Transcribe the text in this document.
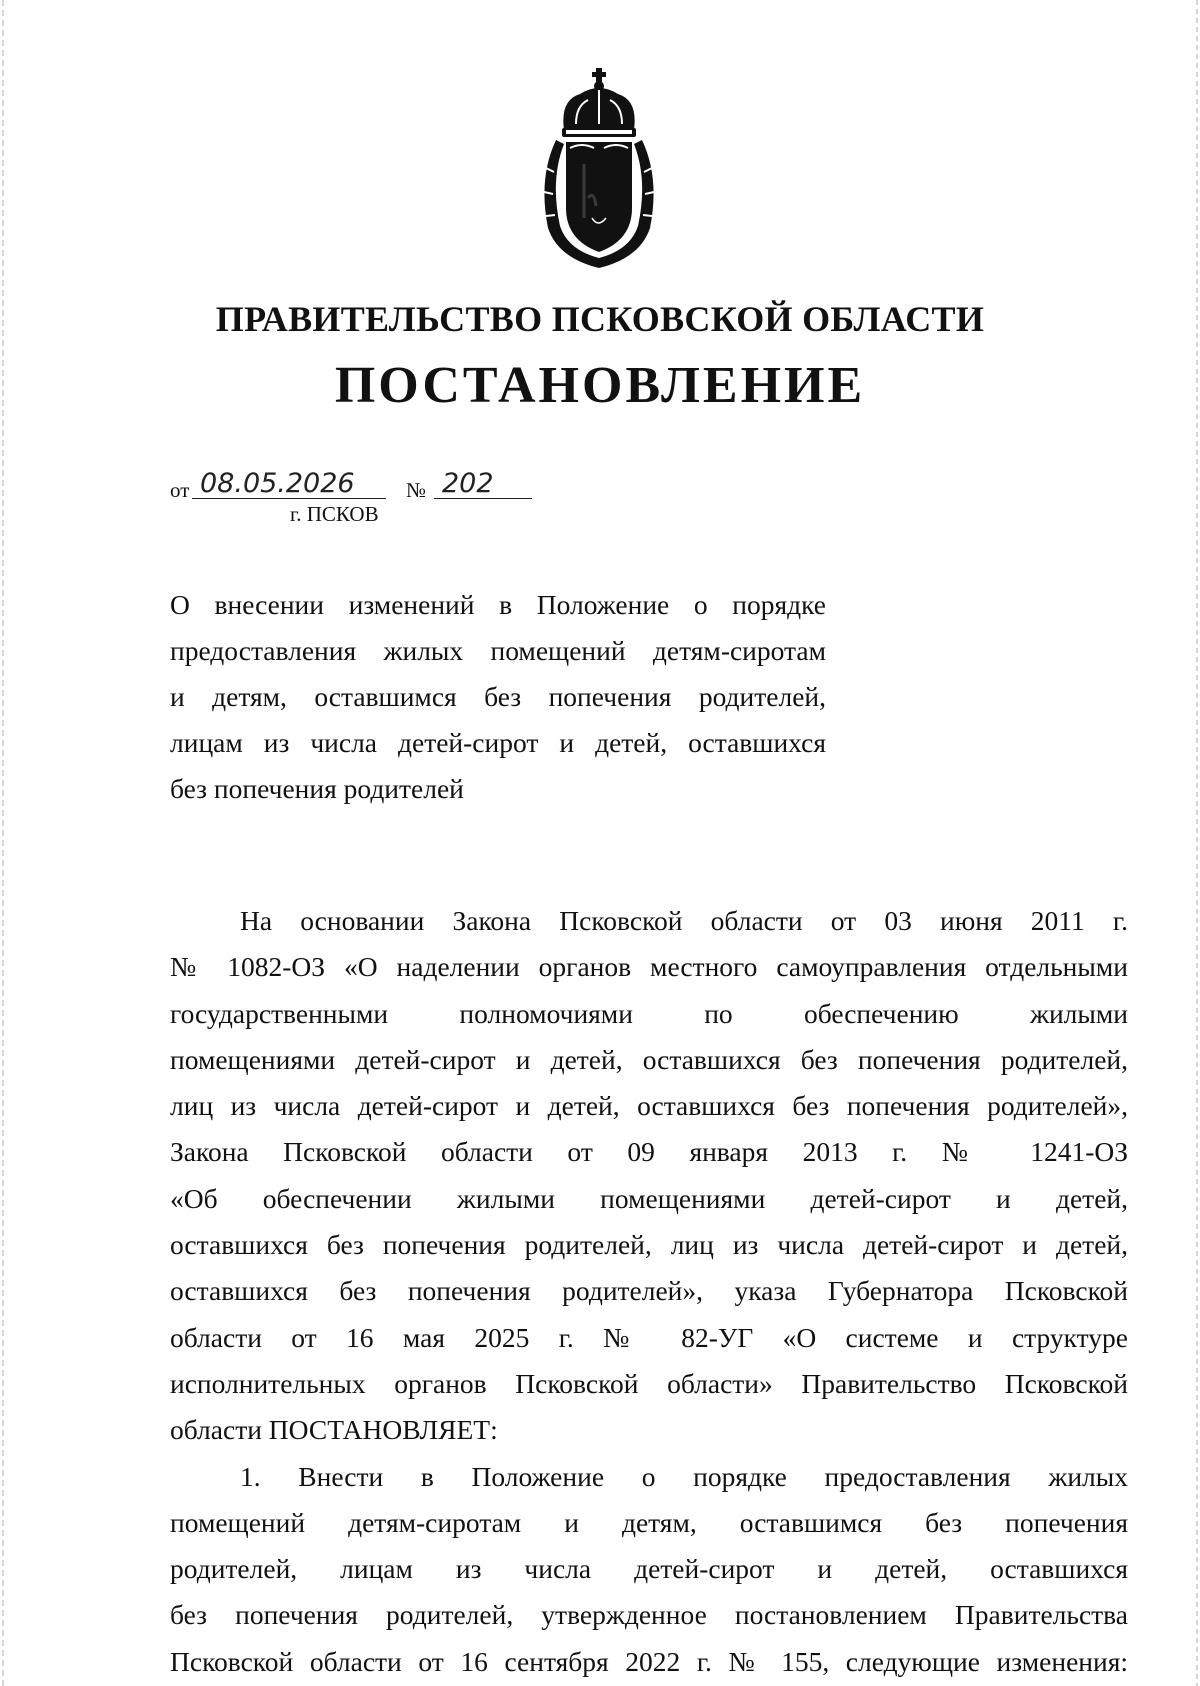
ПРАВИТЕЛЬСТВО ПСКОВСКОЙ ОБЛАСТИ
ПОСТАНОВЛЕНИЕ
от 08.05.2026	№ 202
г. ПСКОВ

О внесении изменений в Положение о порядке

предоставления жилых помещений детям-сиротам

и детям, оставшимся без попечения родителей,

лицам из числа детей-сирот и детей, оставшихся

без попечения родителей

На основании Закона Псковской области от 03 июня 2011 г.

№ 1082-ОЗ «О наделении органов местного самоуправления отдельными

государственными полномочиями по обеспечению жилыми

помещениями детей-сирот и детей, оставшихся без попечения родителей,

лиц из числа детей-сирот и детей, оставшихся без попечения родителей»,

Закона Псковской области от 09 января 2013 г. № 1241-ОЗ

«Об обеспечении жилыми помещениями детей-сирот и детей,

оставшихся без попечения родителей, лиц из числа детей-сирот и детей,

оставшихся без попечения родителей», указа Губернатора Псковской

области от 16 мая 2025 г. № 82-УГ «О системе и структуре

исполнительных органов Псковской области» Правительство Псковской

области ПОСТАНОВЛЯЕТ:

1. Внести в Положение о порядке предоставления жилых

помещений детям-сиротам и детям, оставшимся без попечения

родителей, лицам из числа детей-сирот и детей, оставшихся

без попечения родителей, утвержденное постановлением Правительства

Псковской области от 16 сентября 2022 г. № 155, следующие изменения:
